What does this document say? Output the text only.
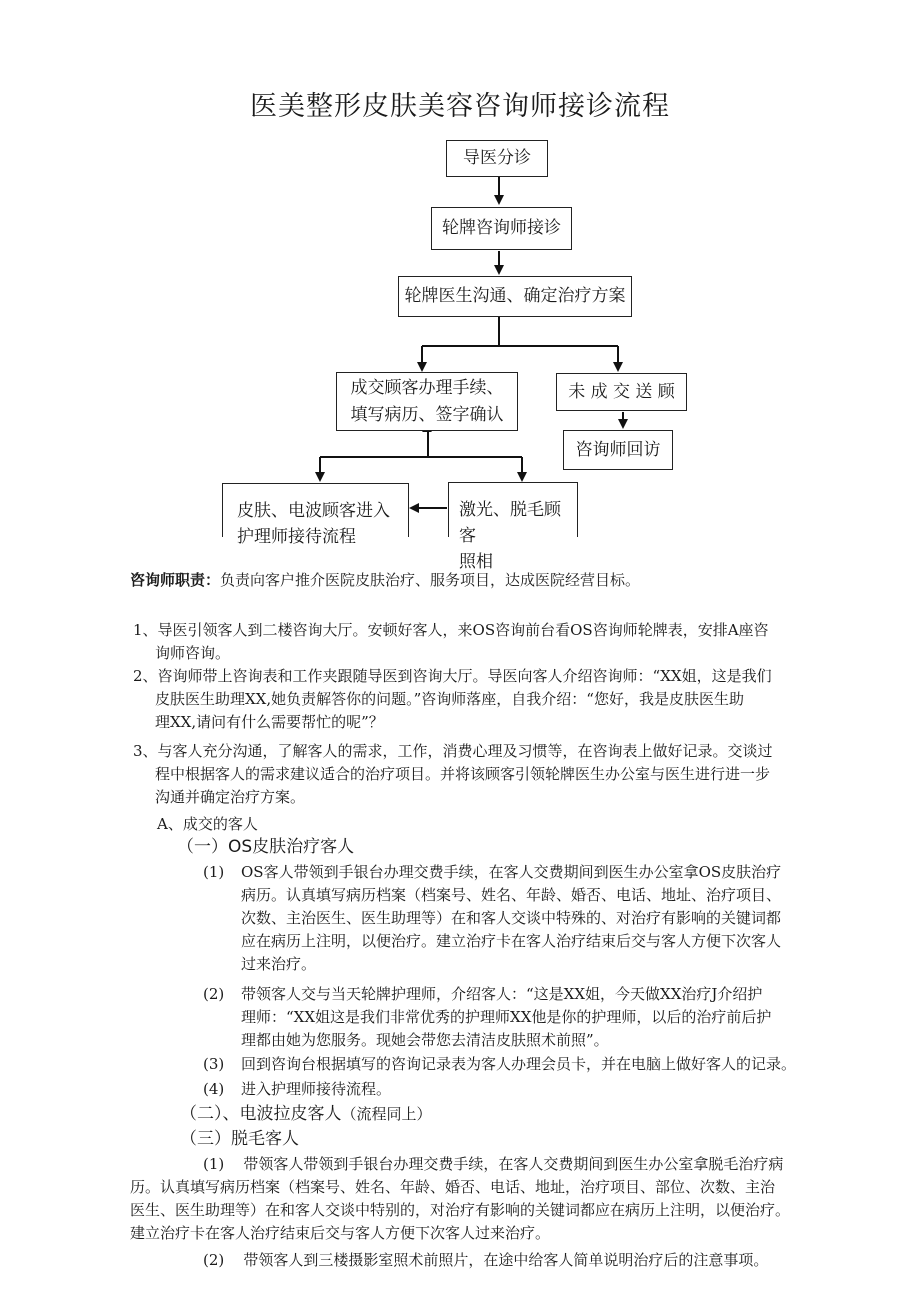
医美整形皮肤美容咨询师接诊流程
导医分诊
轮牌咨询师接诊
轮牌医生沟通、确定治疗方案
成交顾客办理手续、
填写病历、签字确认
未 成 交 送 顾
咨询师回访
皮肤、电波顾客进入
护理师接待流程
激光、脱毛顾客
照相
咨询师职责：负责向客户推介医院皮肤治疗、服务项目，达成医院经营目标。
1、导医引领客人到二楼咨询大厅。安顿好客人，来OS咨询前台看OS咨询师轮牌表，安排A座咨
询师咨询。
2、咨询师带上咨询表和工作夹跟随导医到咨询大厅。导医向客人介绍咨询师：“XX姐，这是我们
皮肤医生助理XX,她负责解答你的问题。”咨询师落座，自我介绍：“您好，我是皮肤医生助
理XX,请问有什么需要帮忙的呢”？
3、与客人充分沟通，了解客人的需求，工作，消费心理及习惯等，在咨询表上做好记录。交谈过
程中根据客人的需求建议适合的治疗项目。并将该顾客引领轮牌医生办公室与医生进行进一步
沟通并确定治疗方案。
A、成交的客人
（一）OS皮肤治疗客人
(1) OS客人带领到手银台办理交费手续，在客人交费期间到医生办公室拿OS皮肤治疗
病历。认真填写病历档案（档案号、姓名、年龄、婚否、电话、地址、治疗项目、
次数、主治医生、医生助理等）在和客人交谈中特殊的、对治疗有影响的关键词都
应在病历上注明，以便治疗。建立治疗卡在客人治疗结束后交与客人方便下次客人
过来治疗。
(2) 带领客人交与当天轮牌护理师，介绍客人：“这是XX姐，今天做XX治疗J介绍护
理师：“XX姐这是我们非常优秀的护理师XX他是你的护理师，以后的治疗前后护
理都由她为您服务。现她会带您去清洁皮肤照术前照”。
(3) 回到咨询台根据填写的咨询记录表为客人办理会员卡，并在电脑上做好客人的记录。
(4) 进入护理师接待流程。
（二）、电波拉皮客人（流程同上）
（三）脱毛客人
(1)    带领客人带领到手银台办理交费手续，在客人交费期间到医生办公室拿脱毛治疗病
历。认真填写病历档案（档案号、姓名、年龄、婚否、电话、地址，治疗项目、部位、次数、主治
医生、医生助理等）在和客人交谈中特别的，对治疗有影响的关键词都应在病历上注明，以便治疗。
建立治疗卡在客人治疗结束后交与客人方便下次客人过来治疗。
(2)    带领客人到三楼摄影室照术前照片，在途中给客人简单说明治疗后的注意事项。
